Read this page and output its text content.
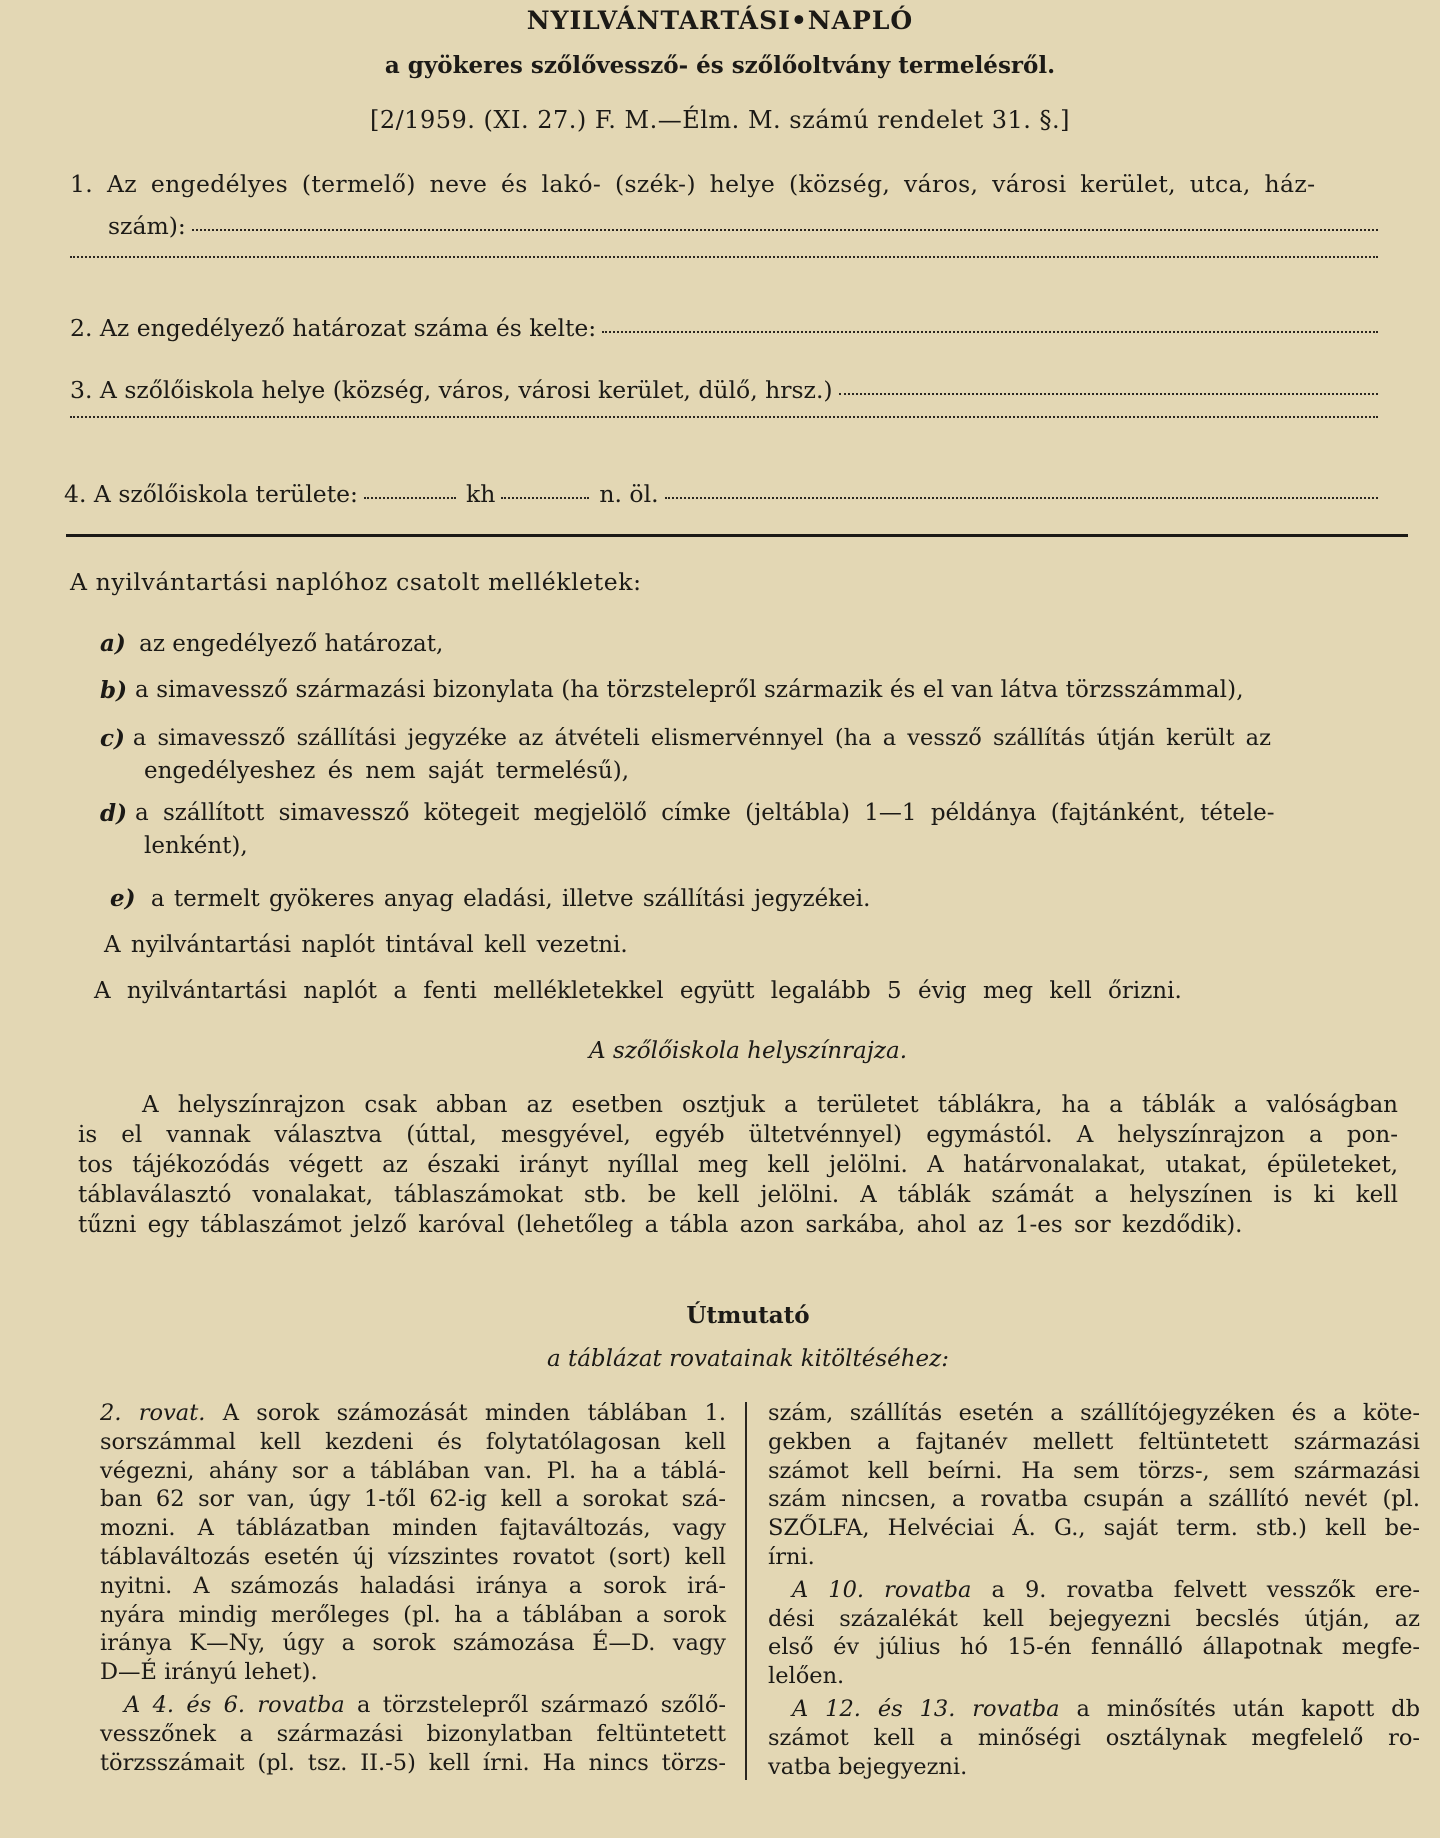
NYILVÁNTARTÁSI•NAPLÓ
a gyökeres szőlővessző- és szőlőoltvány termelésről.
[2/1959. (XI. 27.) F. M.—Élm. M. számú rendelet 31. §.]
1. Az engedélyes (termelő) neve és lakó- (szék-) helye (község, város, városi kerület, utca, ház-
szám):
2. Az engedélyező határozat száma és kelte:
3. A szőlőiskola helye (község, város, városi kerület, dülő, hrsz.)
4. A szőlőiskola területe:	kh	n. öl.
A nyilvántartási naplóhoz csatolt mellékletek:
a) az engedélyező határozat,
b) a simavessző származási bizonylata (ha törzstelepről származik és el van látva törzsszámmal),
c) a simavessző szállítási jegyzéke az átvételi elismervénnyel (ha a vessző szállítás útján került az
engedélyeshez és nem saját termelésű),
d) a szállított simavessző kötegeit megjelölő címke (jeltábla) 1—1 példánya (fajtánként, tétele-
lenként),
e) a termelt gyökeres anyag eladási, illetve szállítási jegyzékei.
A nyilvántartási naplót tintával kell vezetni.
A nyilvántartási naplót a fenti mellékletekkel együtt legalább 5 évig meg kell őrizni.
A szőlőiskola helyszínrajza.
A helyszínrajzon csak abban az esetben osztjuk a területet táblákra, ha a táblák a valóságban
is el vannak választva (úttal, mesgyével, egyéb ültetvénnyel) egymástól. A helyszínrajzon a pon-
tos tájékozódás végett az északi irányt nyíllal meg kell jelölni. A határvonalakat, utakat, épületeket,
táblaválasztó vonalakat, táblaszámokat stb. be kell jelölni. A táblák számát a helyszínen is ki kell
tűzni egy táblaszámot jelző karóval (lehetőleg a tábla azon sarkába, ahol az 1-es sor kezdődik).
Útmutató
a táblázat rovatainak kitöltéséhez:
2. rovat. A sorok számozását minden táblában 1.
sorszámmal kell kezdeni és folytatólagosan kell
végezni, ahány sor a táblában van. Pl. ha a táblá-
ban 62 sor van, úgy 1-től 62-ig kell a sorokat szá-
mozni. A táblázatban minden fajtaváltozás, vagy
táblaváltozás esetén új vízszintes rovatot (sort) kell
nyitni. A számozás haladási iránya a sorok irá-
nyára mindig merőleges (pl. ha a táblában a sorok
iránya K—Ny, úgy a sorok számozása É—D. vagy
D—É irányú lehet).
A 4. és 6. rovatba a törzstelepről származó szőlő-
vesszőnek a származási bizonylatban feltüntetett
törzsszámait (pl. tsz. II.-5) kell írni. Ha nincs törzs-
szám, szállítás esetén a szállítójegyzéken és a köte-
gekben a fajtanév mellett feltüntetett származási
számot kell beírni. Ha sem törzs-, sem származási
szám nincsen, a rovatba csupán a szállító nevét (pl.
SZŐLFA, Helvéciai Á. G., saját term. stb.) kell be-
írni.
A 10. rovatba a 9. rovatba felvett vesszők ere-
dési százalékát kell bejegyezni becslés útján, az
első év július hó 15-én fennálló állapotnak megfe-
lelően.
A 12. és 13. rovatba a minősítés után kapott db
számot kell a minőségi osztálynak megfelelő ro-
vatba bejegyezni.
